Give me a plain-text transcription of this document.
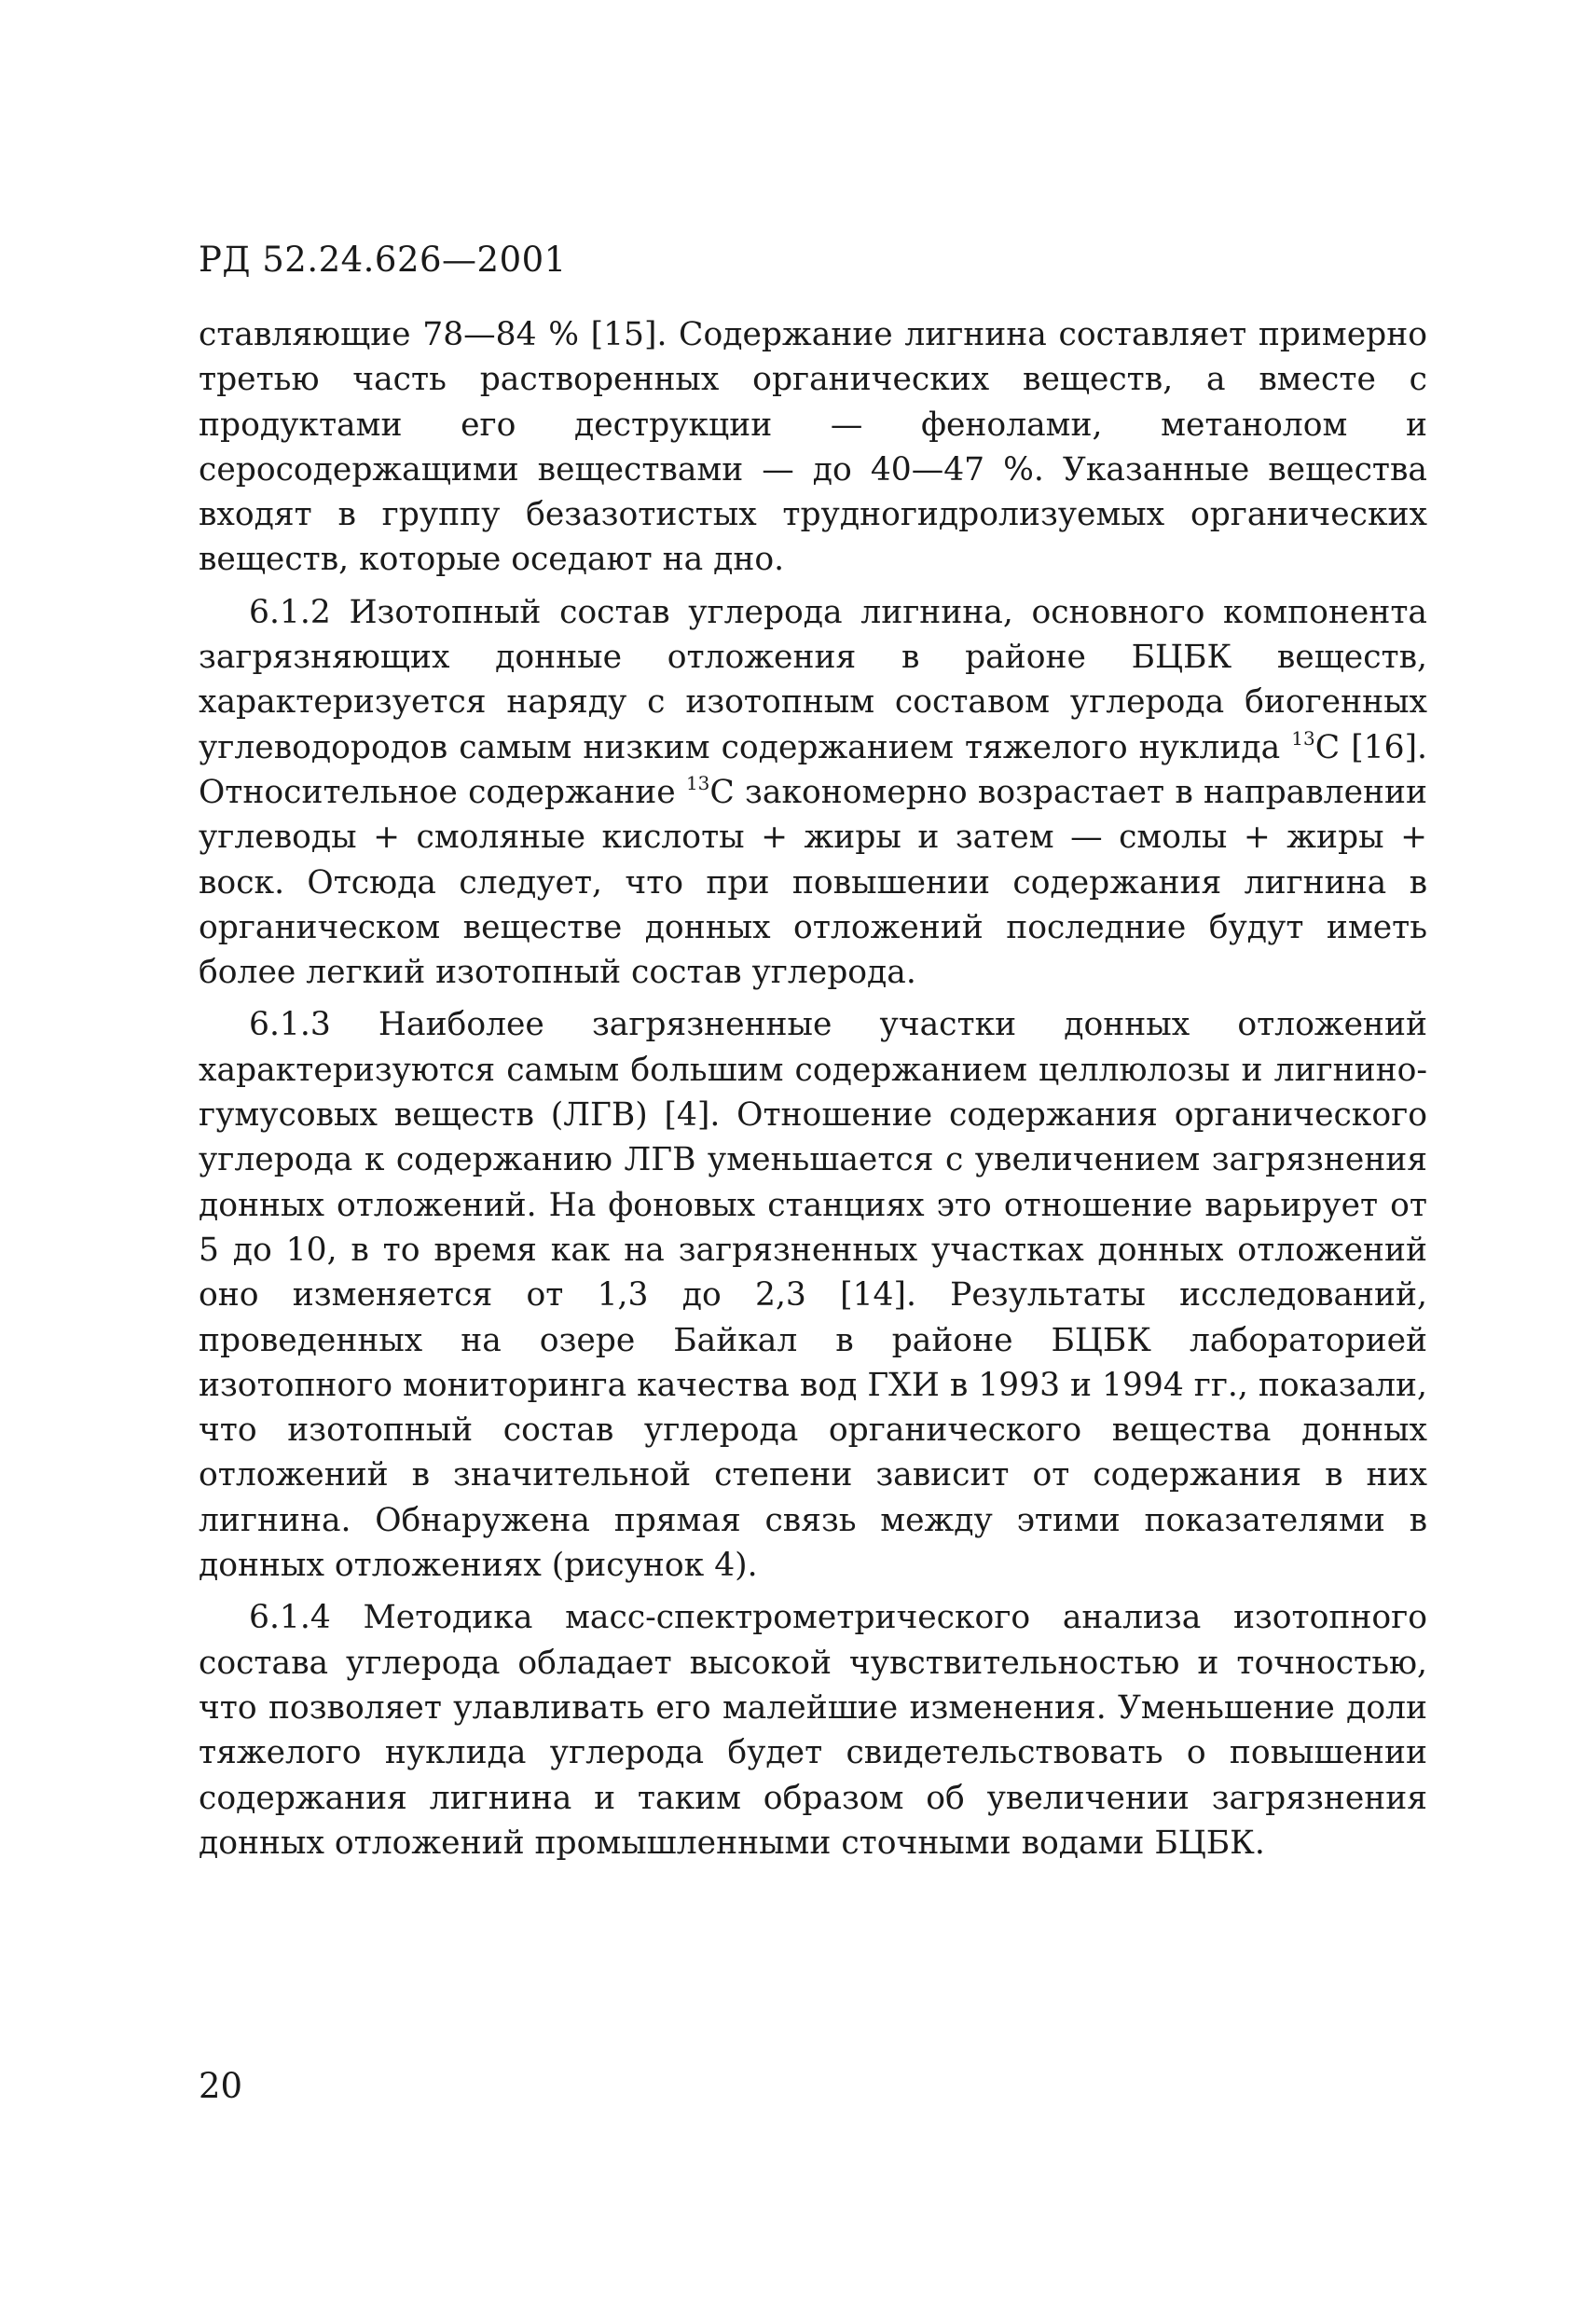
РД 52.24.626—2001

ставляющие 78—84 % [15]. Содержание лигнина составляет примерно третью часть растворенных органических веществ, а вместе с продуктами его деструкции — фенолами, метанолом и серосодержащими веществами — до 40—47 %. Указанные вещества входят в группу безазотистых трудногидролизуемых органических веществ, которые оседают на дно.

6.1.2 Изотопный состав углерода лигнина, основного компонента загрязняющих донные отложения в районе БЦБК веществ, характеризуется наряду с изотопным составом углерода биогенных углеводородов самым низким содержанием тяжелого нуклида $^{13}$С [16]. Относительное содержание $^{13}$С закономерно возрастает в направлении углеводы + смоляные кислоты + жиры и затем — смолы + жиры + воск. Отсюда следует, что при повышении содержания лигнина в органическом веществе донных отложений последние будут иметь более легкий изотопный состав углерода.

6.1.3 Наиболее загрязненные участки донных отложений характеризуются самым большим содержанием целлюлозы и лигнино-гумусовых веществ (ЛГВ) [4]. Отношение содержания органического углерода к содержанию ЛГВ уменьшается с увеличением загрязнения донных отложений. На фоновых станциях это отношение варьирует от 5 до 10, в то время как на загрязненных участках донных отложений оно изменяется от 1,3 до 2,3 [14]. Результаты исследований, проведенных на озере Байкал в районе БЦБК лабораторией изотопного мониторинга качества вод ГХИ в 1993 и 1994 гг., показали, что изотопный состав углерода органического вещества донных отложений в значительной степени зависит от содержания в них лигнина. Обнаружена прямая связь между этими показателями в донных отложениях (рисунок 4).

6.1.4 Методика масс-спектрометрического анализа изотопного состава углерода обладает высокой чувствительностью и точностью, что позволяет улавливать его малейшие изменения. Уменьшение доли тяжелого нуклида углерода будет свидетельствовать о повышении содержания лигнина и таким образом об увеличении загрязнения донных отложений промышленными сточными водами БЦБК.

20
